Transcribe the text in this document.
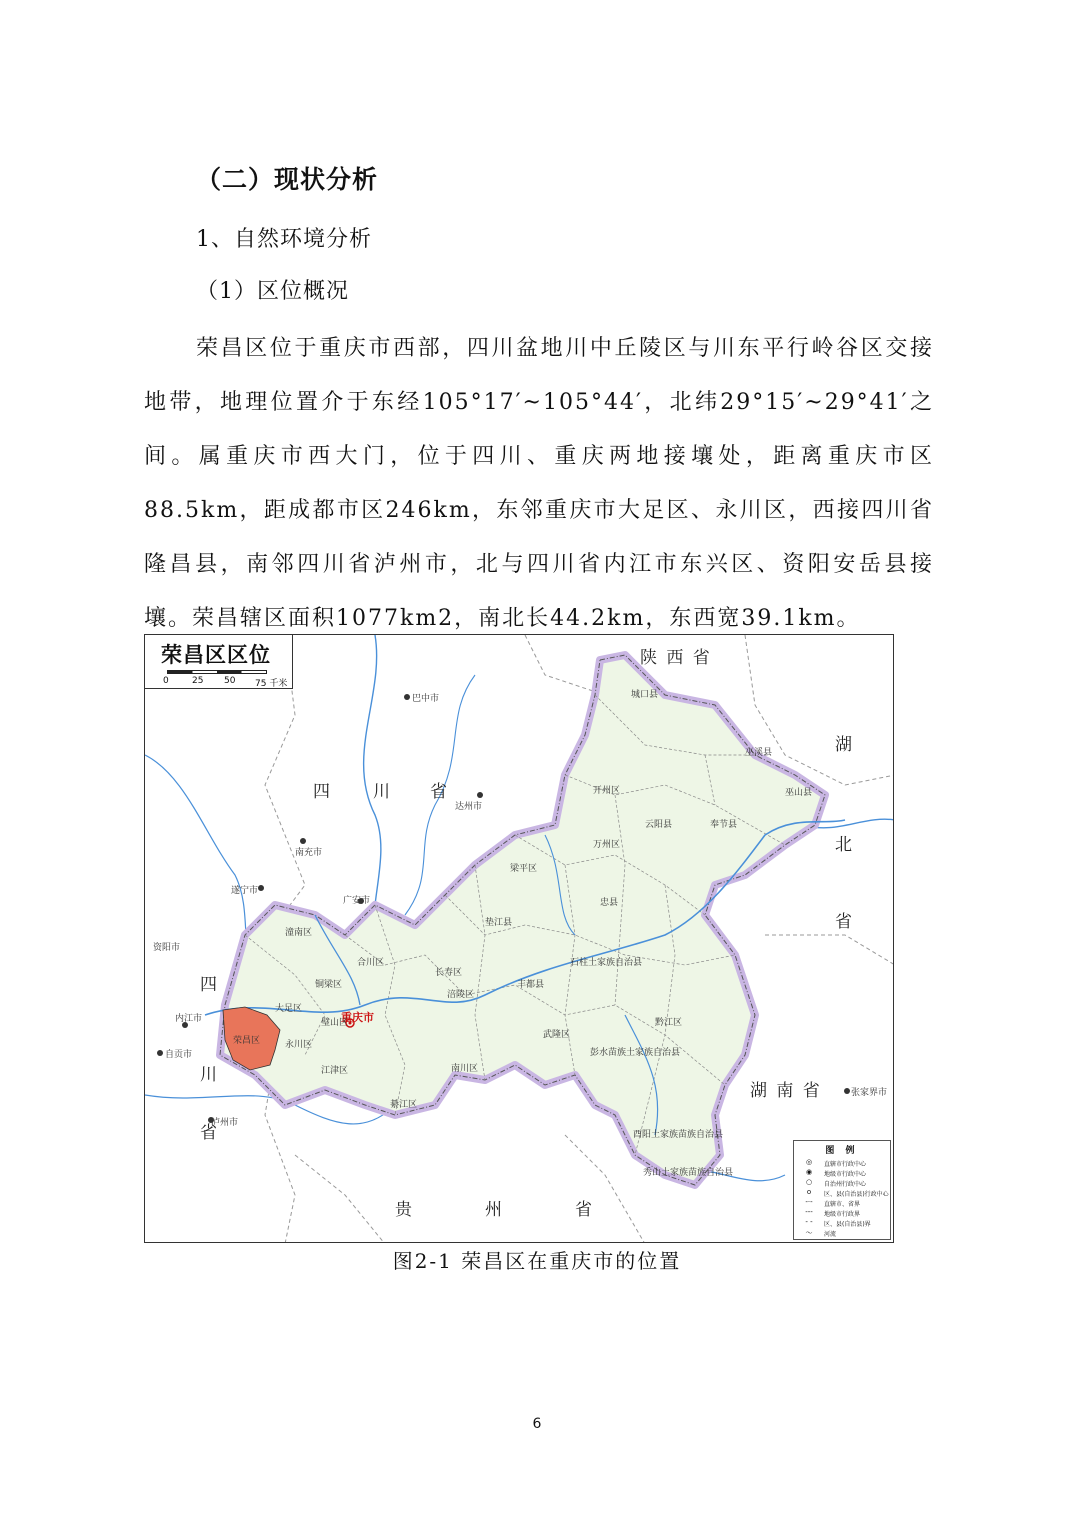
（二）现状分析
1、自然环境分析
（1）区位概况

荣昌区位于重庆市西部，四川盆地川中丘陵区与川东平行岭谷区交接地带，地理位置介于东经105°17′~105°44′，北纬29°15′~29°41′之间。属重庆市西大门，位于四川、重庆两地接壤处，距离重庆市区88.5km，距成都市区246km，东邻重庆市大足区、永川区，西接四川省隆昌县，南邻四川省泸州市，北与四川省内江市东兴区、资阳安岳县接壤。荣昌辖区面积1077km2，南北长44.2km，东西宽39.1km。

荣昌区区位
0	25 50 75 千米
陕 西 省
四 川 省
湖
北
省
湖 南 省
贵	州	省
四
川
省
巴中市
达州市
南充市
广安市
遂宁市
资阳市
内江市
自贡市
泸州市
重庆市
荣昌区
张家界市
开州区
万州区
奉节县
巫山县
云阳县
梁平区
忠县
石柱土家族自治县
丰都县
涪陵区
黔江区
武隆区
彭水苗族土家族自治县
酉阳土家族苗族自治县
秀山土家族苗族自治县
南川区
綦江区
江津区
永川区
大足区
合川区
潼南区
铜梁区
璧山区
长寿区
垫江县
城口县
巫溪县
图 例
◎	直辖市行政中心
◉	地级市行政中心
○	自治州行政中心
o	区、县(自治县)行政中心
-·-	直辖市、省界
---	地级市行政界
- -	区、县(自治县)界
～	河流
图2-1 荣昌区在重庆市的位置
6
